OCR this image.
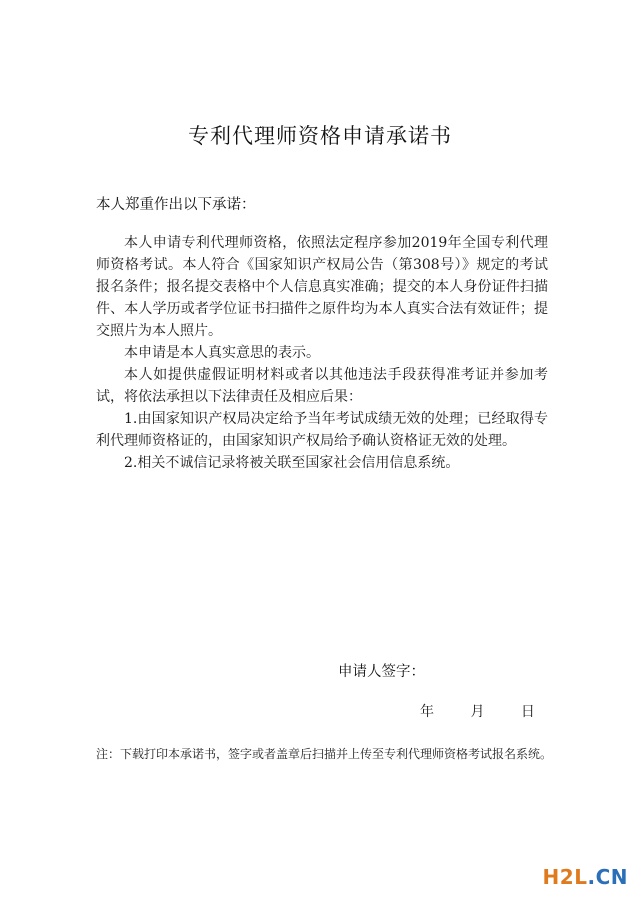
专利代理师资格申请承诺书
本人郑重作出以下承诺：

本人申请专利代理师资格，依照法定程序参加2019年全国专利代理师资格考试。本人符合《国家知识产权局公告（第308号）》规定的考试报名条件；报名提交表格中个人信息真实准确；提交的本人身份证件扫描件、本人学历或者学位证书扫描件之原件均为本人真实合法有效证件；提交照片为本人照片。

本申请是本人真实意思的表示。

本人如提供虚假证明材料或者以其他违法手段获得准考证并参加考试，将依法承担以下法律责任及相应后果：

1.由国家知识产权局决定给予当年考试成绩无效的处理；已经取得专利代理师资格证的，由国家知识产权局给予确认资格证无效的处理。

2.相关不诚信记录将被关联至国家社会信用信息系统。

申请人签字：
年	月	日
注：下载打印本承诺书，签字或者盖章后扫描并上传至专利代理师资格考试报名系统。
H2L.CN
